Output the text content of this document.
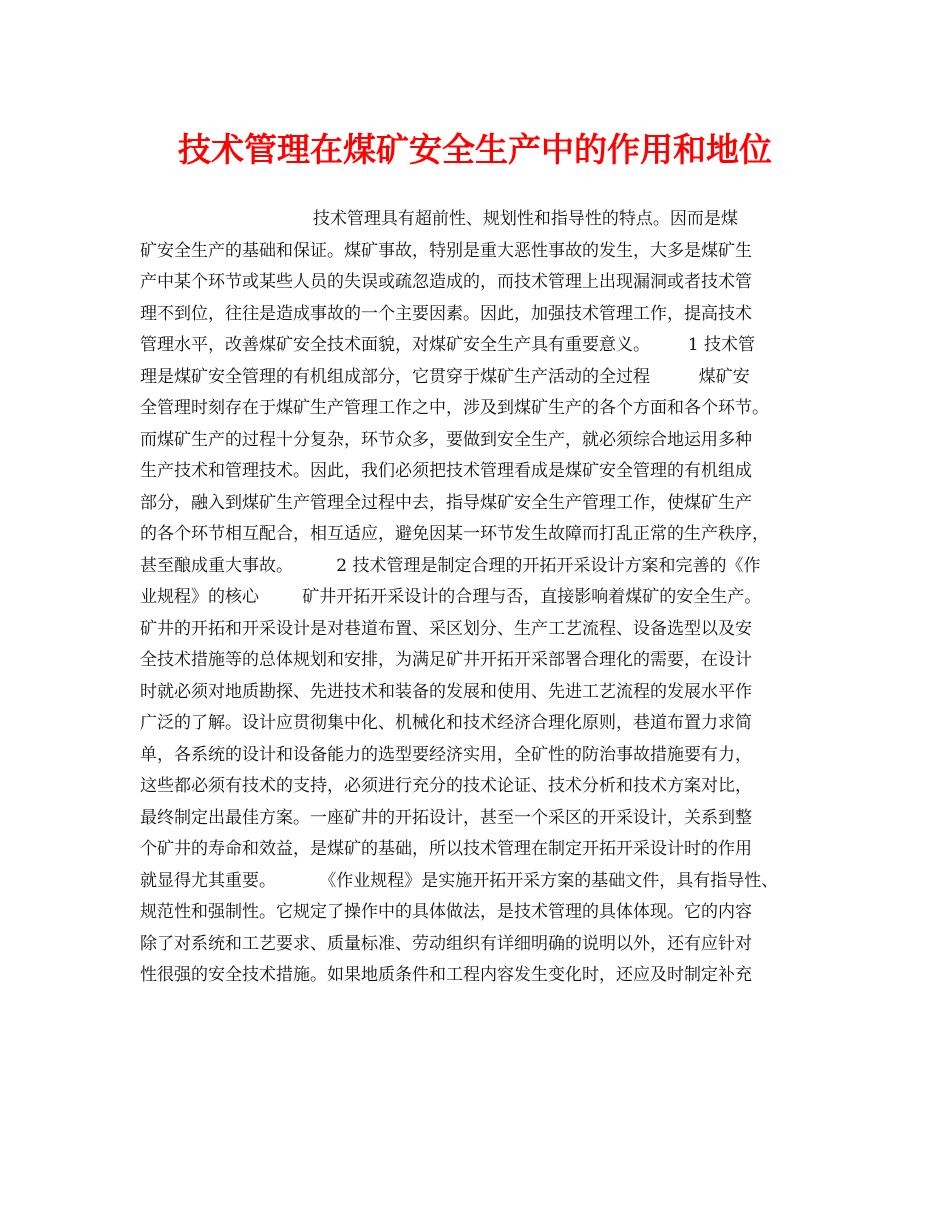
技术管理在煤矿安全生产中的作用和地位
技术管理具有超前性、规划性和指导性的特点。因而是煤
矿安全生产的基础和保证。煤矿事故，特别是重大恶性事故的发生，大多是煤矿生
产中某个环节或某些人员的失误或疏忽造成的，而技术管理上出现漏洞或者技术管
理不到位，往往是造成事故的一个主要因素。因此，加强技术管理工作，提高技术
管理水平，改善煤矿安全技术面貌，对煤矿安全生产具有重要意义。       1 技术管
理是煤矿安全管理的有机组成部分，它贯穿于煤矿生产活动的全过程         煤矿安
全管理时刻存在于煤矿生产管理工作之中，涉及到煤矿生产的各个方面和各个环节。
而煤矿生产的过程十分复杂，环节众多，要做到安全生产，就必须综合地运用多种
生产技术和管理技术。因此，我们必须把技术管理看成是煤矿安全管理的有机组成
部分，融入到煤矿生产管理全过程中去，指导煤矿安全生产管理工作，使煤矿生产
的各个环节相互配合，相互适应，避免因某一环节发生故障而打乱正常的生产秩序，
甚至酿成重大事故。        2 技术管理是制定合理的开拓开采设计方案和完善的《作
业规程》的核心        矿井开拓开采设计的合理与否，直接影响着煤矿的安全生产。
矿井的开拓和开采设计是对巷道布置、采区划分、生产工艺流程、设备选型以及安
全技术措施等的总体规划和安排，为满足矿井开拓开采部署合理化的需要，在设计
时就必须对地质勘探、先进技术和装备的发展和使用、先进工艺流程的发展水平作
广泛的了解。设计应贯彻集中化、机械化和技术经济合理化原则，巷道布置力求简
单，各系统的设计和设备能力的选型要经济实用，全矿性的防治事故措施要有力，
这些都必须有技术的支持，必须进行充分的技术论证、技术分析和技术方案对比，
最终制定出最佳方案。一座矿井的开拓设计，甚至一个采区的开采设计，关系到整
个矿井的寿命和效益，是煤矿的基础，所以技术管理在制定开拓开采设计时的作用
就显得尤其重要。        《作业规程》是实施开拓开采方案的基础文件，具有指导性、
规范性和强制性。它规定了操作中的具体做法，是技术管理的具体体现。它的内容
除了对系统和工艺要求、质量标准、劳动组织有详细明确的说明以外，还有应针对
性很强的安全技术措施。如果地质条件和工程内容发生变化时，还应及时制定补充
